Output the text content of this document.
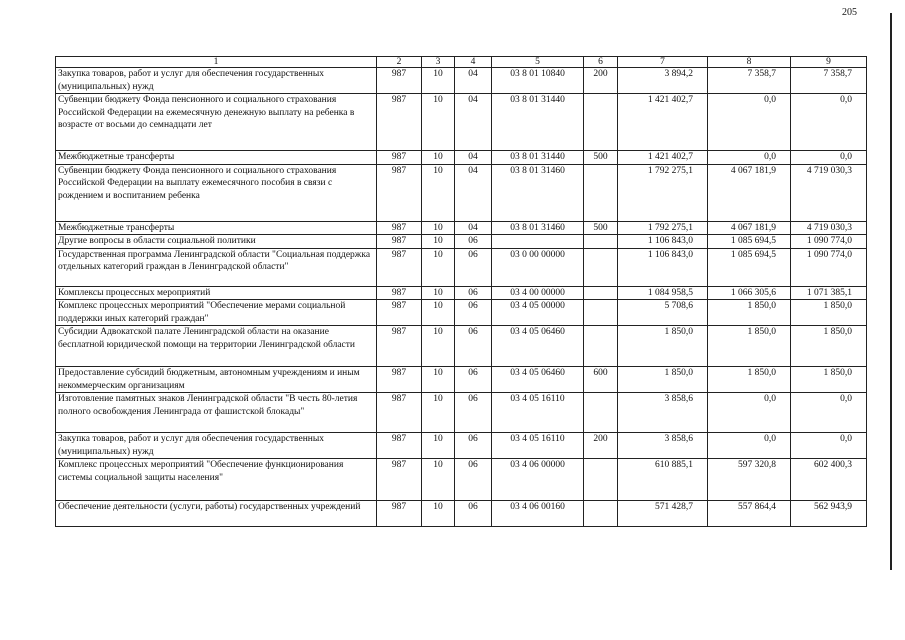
205
1	2	3	4	5	6	7	8	9
Закупка товаров, работ и услуг для обеспечения государственных (муниципальных) нужд	987	10	04	03 8 01 10840	200	3 894,2	7 358,7	7 358,7
Субвенции бюджету Фонда пенсионного и социального страхования Российской Федерации на ежемесячную денежную выплату на ребенка в возрасте от восьми до семнадцати лет	987	10	04	03 8 01 31440		1 421 402,7	0,0	0,0
Межбюджетные трансферты	987	10	04	03 8 01 31440	500	1 421 402,7	0,0	0,0
Субвенции бюджету Фонда пенсионного и социального страхования Российской Федерации на выплату ежемесячного пособия в связи с рождением и воспитанием ребенка	987	10	04	03 8 01 31460		1 792 275,1	4 067 181,9	4 719 030,3
Межбюджетные трансферты	987	10	04	03 8 01 31460	500	1 792 275,1	4 067 181,9	4 719 030,3
Другие вопросы в области социальной политики	987	10	06			1 106 843,0	1 085 694,5	1 090 774,0
Государственная программа Ленинградской области "Социальная поддержка отдельных категорий граждан в Ленинградской области"	987	10	06	03 0 00 00000		1 106 843,0	1 085 694,5	1 090 774,0
Комплексы процессных мероприятий	987	10	06	03 4 00 00000		1 084 958,5	1 066 305,6	1 071 385,1
Комплекс процессных мероприятий "Обеспечение мерами социальной поддержки иных категорий граждан"	987	10	06	03 4 05 00000		5 708,6	1 850,0	1 850,0
Субсидии Адвокатской палате Ленинградской области на оказание бесплатной юридической помощи на территории Ленинградской области	987	10	06	03 4 05 06460		1 850,0	1 850,0	1 850,0
Предоставление субсидий бюджетным, автономным учреждениям и иным некоммерческим организациям	987	10	06	03 4 05 06460	600	1 850,0	1 850,0	1 850,0
Изготовление памятных знаков Ленинградской области "В честь 80-летия полного освобождения Ленинграда от фашистской блокады"	987	10	06	03 4 05 16110		3 858,6	0,0	0,0
Закупка товаров, работ и услуг для обеспечения государственных (муниципальных) нужд	987	10	06	03 4 05 16110	200	3 858,6	0,0	0,0
Комплекс процессных мероприятий "Обеспечение функционирования системы социальной защиты населения"	987	10	06	03 4 06 00000		610 885,1	597 320,8	602 400,3
Обеспечение деятельности (услуги, работы) государственных учреждений	987	10	06	03 4 06 00160		571 428,7	557 864,4	562 943,9
